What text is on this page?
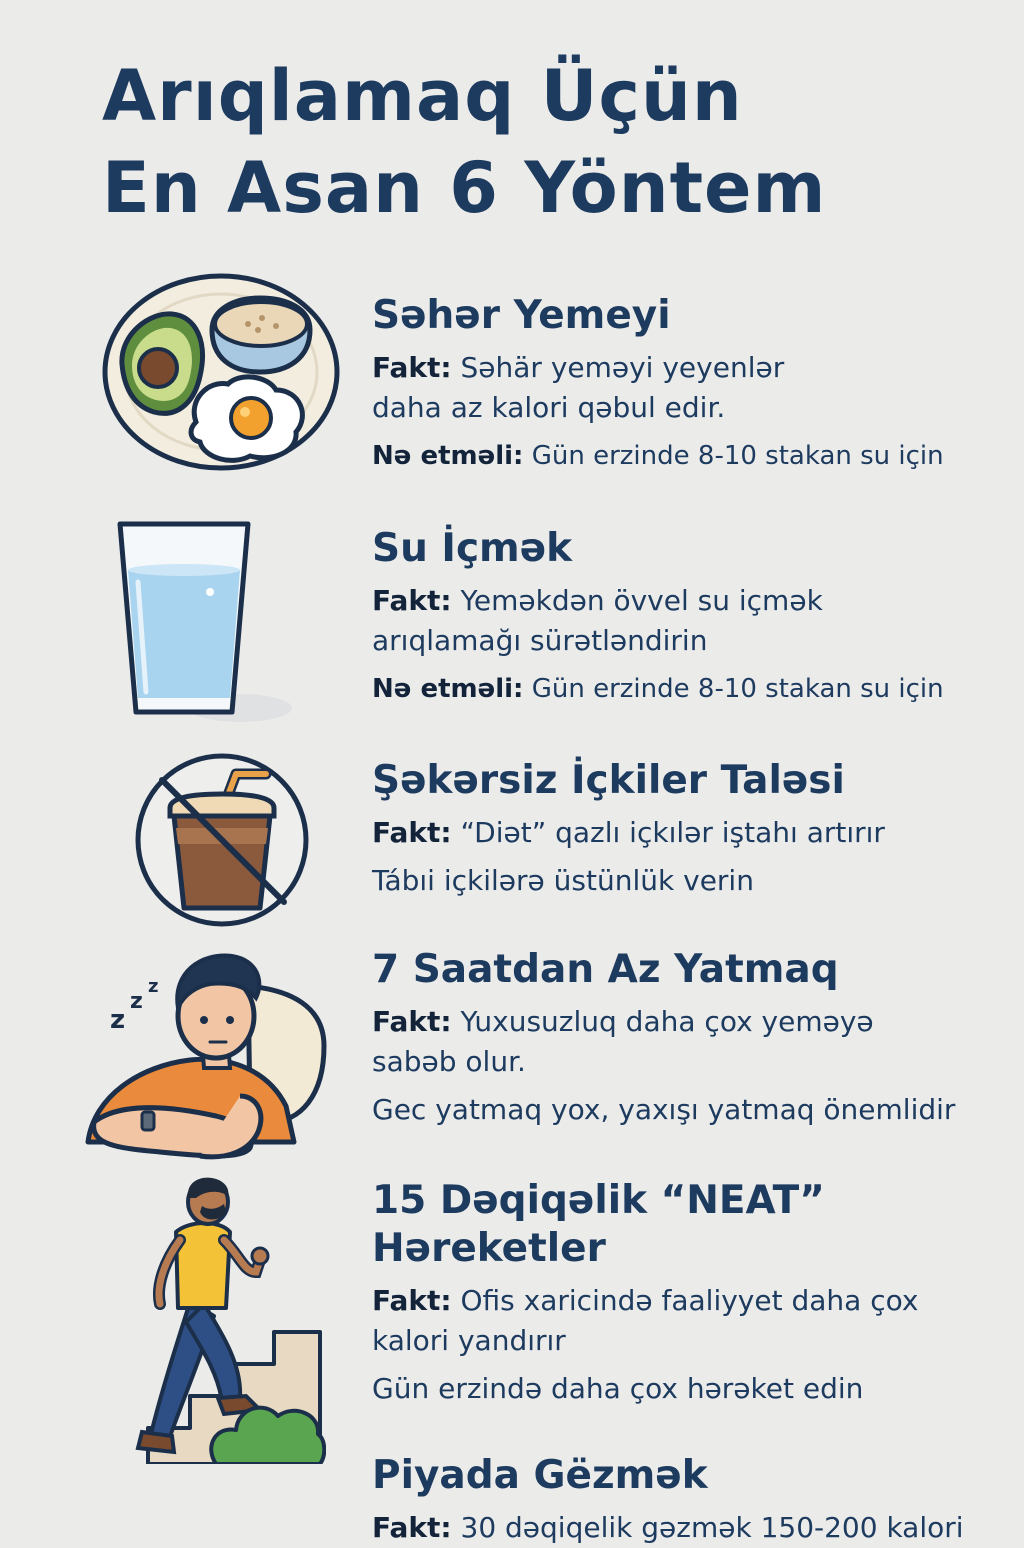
Arıqlamaq Üçün
En Asan 6 Yöntem
Səhər Yemeyi

Fakt: Səhär yeməyi yeyenlər

daha az kalori qəbul edir.

Nə etməli: Gün erzinde 8-10 stakan su için

Su İçmək

Fakt: Yeməkdən övvel su içmək

arıqlamağı sürətləndirin

Nə etməli: Gün erzinde 8-10 stakan su için

Şəkərsiz İçkiler Taləsi

Fakt: “Diət” qazlı içkılər iştahı artırır

Tábıi içkilərə üstünlük verin

z
z
z	7 Saatdan Az Yatmaq

Fakt: Yuxusuzluq daha çox yeməyə

sabəb olur.

Gec yatmaq yox, yaxışı yatmaq önemlidir

15 Dəqiqəlik “NEAT”
Həreketler

Fakt: Ofis xaricində faaliyyet daha çox

kalori yandırır

Gün erzində daha çox hərəket edin

Piyada Gëzmək

Fakt: 30 dəqiqelik gəzmək 150-200 kalori
